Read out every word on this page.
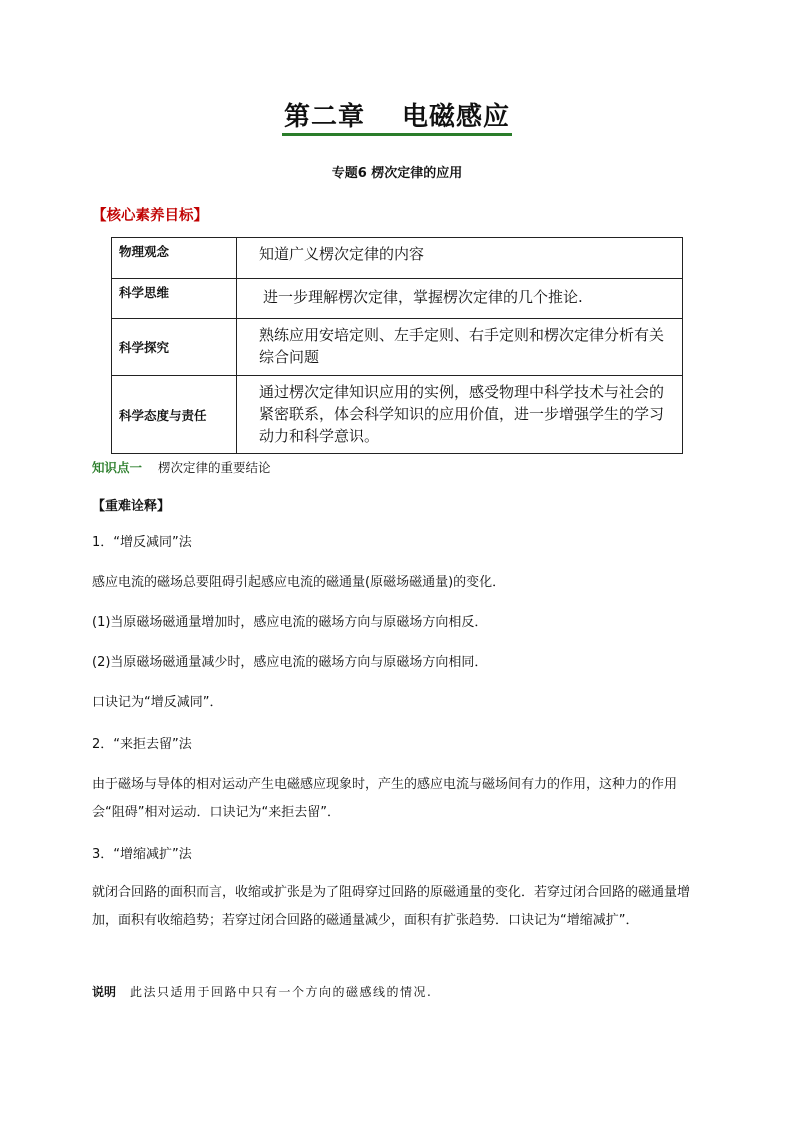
第二章　 电磁感应
专题6 楞次定律的应用
【核心素养目标】
物理观念	知道广义楞次定律的内容
科学思维	进一步理解楞次定律，掌握楞次定律的几个推论.
科学探究	熟练应用安培定则、左手定则、右手定则和楞次定律分析有关综合问题
科学态度与责任	通过楞次定律知识应用的实例，感受物理中科学技术与社会的紧密联系，体会科学知识的应用价值，进一步增强学生的学习动力和科学意识。
知识点一 楞次定律的重要结论
【重难诠释】
1．“增反减同”法
感应电流的磁场总要阻碍引起感应电流的磁通量(原磁场磁通量)的变化．
(1)当原磁场磁通量增加时，感应电流的磁场方向与原磁场方向相反．
(2)当原磁场磁通量减少时，感应电流的磁场方向与原磁场方向相同．
口诀记为“增反减同”．
2．“来拒去留”法
由于磁场与导体的相对运动产生电磁感应现象时，产生的感应电流与磁场间有力的作用，这种力的作用会“阻碍”相对运动．口诀记为“来拒去留”．
3．“增缩减扩”法
就闭合回路的面积而言，收缩或扩张是为了阻碍穿过回路的原磁通量的变化．若穿过闭合回路的磁通量增加，面积有收缩趋势；若穿过闭合回路的磁通量减少，面积有扩张趋势．口诀记为“增缩减扩”．
说明 此法只适用于回路中只有一个方向的磁感线的情况.
